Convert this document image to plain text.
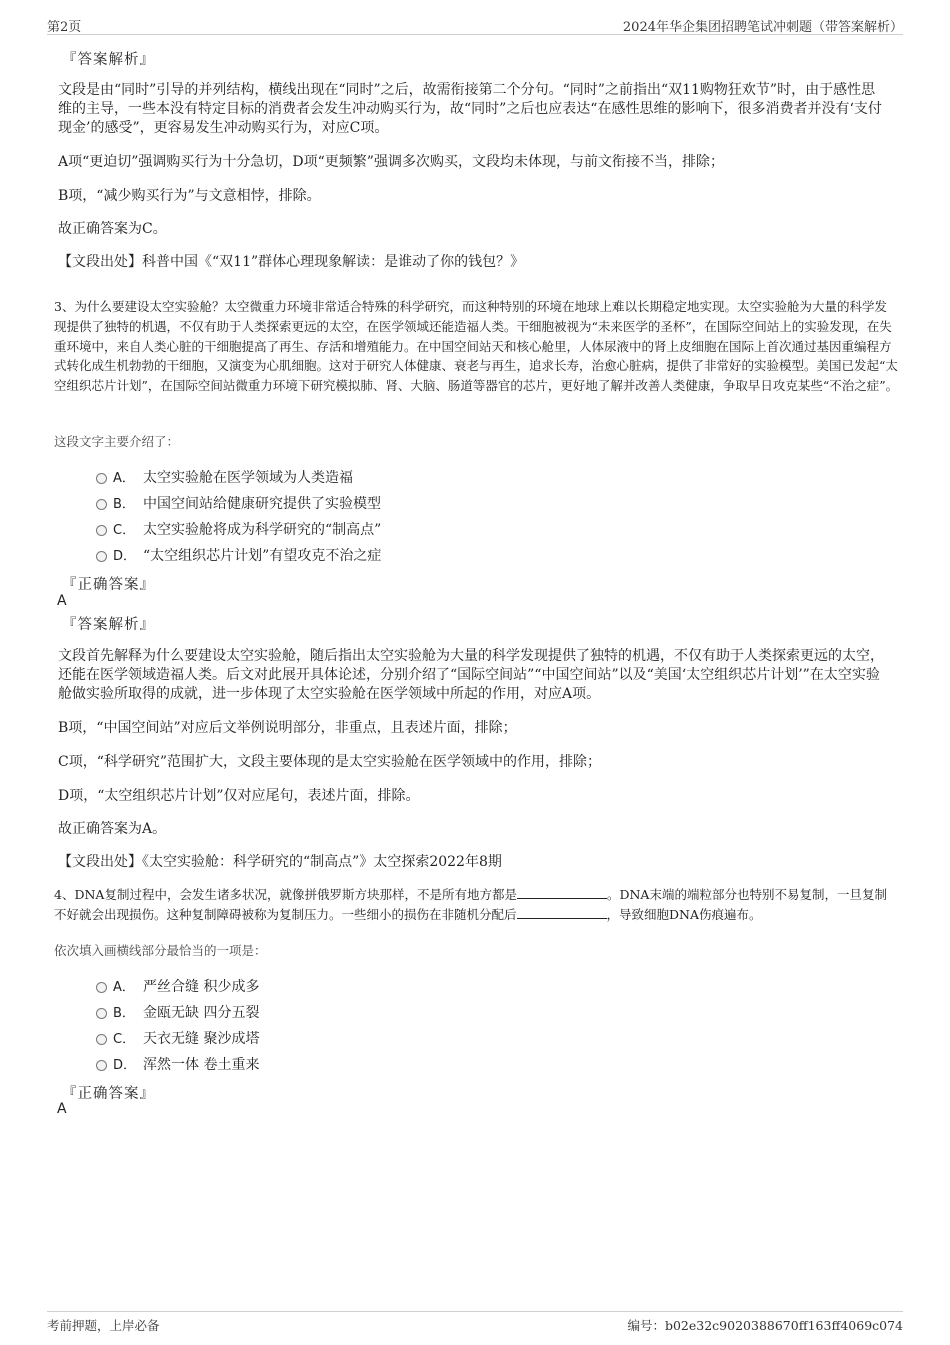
第2页	2024年华企集团招聘笔试冲刺题（带答案解析）
『答案解析』
文段是由“同时”引导的并列结构，横线出现在“同时”之后，故需衔接第二个分句。“同时”之前指出“双11购物狂欢节”时，由于感性思维的主导，一些本没有特定目标的消费者会发生冲动购买行为，故“同时”之后也应表达“在感性思维的影响下，很多消费者并没有‘支付现金’的感受”，更容易发生冲动购买行为，对应C项。
A项“更迫切”强调购买行为十分急切，D项“更频繁”强调多次购买，文段均未体现，与前文衔接不当，排除；
B项，“减少购买行为”与文意相悖，排除。
故正确答案为C。
【文段出处】科普中国《“双11”群体心理现象解读：是谁动了你的钱包？》
3、为什么要建设太空实验舱？太空微重力环境非常适合特殊的科学研究，而这种特别的环境在地球上难以长期稳定地实现。太空实验舱为大量的科学发现提供了独特的机遇，不仅有助于人类探索更远的太空，在医学领域还能造福人类。干细胞被视为“未来医学的圣杯”，在国际空间站上的实验发现，在失重环境中，来自人类心脏的干细胞提高了再生、存活和增殖能力。在中国空间站天和核心舱里，人体尿液中的肾上皮细胞在国际上首次通过基因重编程方式转化成生机勃勃的干细胞，又演变为心肌细胞。这对于研究人体健康、衰老与再生，追求长寿，治愈心脏病，提供了非常好的实验模型。美国已发起“太空组织芯片计划”，在国际空间站微重力环境下研究模拟肺、肾、大脑、肠道等器官的芯片，更好地了解并改善人类健康，争取早日攻克某些“不治之症”。
这段文字主要介绍了：
A． 太空实验舱在医学领域为人类造福
B． 中国空间站给健康研究提供了实验模型
C． 太空实验舱将成为科学研究的“制高点”
D． “太空组织芯片计划”有望攻克不治之症
『正确答案』
A
『答案解析』
文段首先解释为什么要建设太空实验舱，随后指出太空实验舱为大量的科学发现提供了独特的机遇，不仅有助于人类探索更远的太空，还能在医学领域造福人类。后文对此展开具体论述，分别介绍了“国际空间站”“中国空间站”以及“美国‘太空组织芯片计划’”在太空实验舱做实验所取得的成就，进一步体现了太空实验舱在医学领域中所起的作用，对应A项。
B项，“中国空间站”对应后文举例说明部分，非重点，且表述片面，排除；
C项，“科学研究”范围扩大，文段主要体现的是太空实验舱在医学领域中的作用，排除；
D项，“太空组织芯片计划”仅对应尾句，表述片面，排除。
故正确答案为A。
【文段出处】《太空实验舱：科学研究的“制高点”》太空探索2022年8期
4、DNA复制过程中，会发生诸多状况，就像拼俄罗斯方块那样，不是所有地方都是	。DNA末端的端粒部分也特别不易复制，一旦复制不好就会出现损伤。这种复制障碍被称为复制压力。一些细小的损伤在非随机分配后	，导致细胞DNA伤痕遍布。
依次填入画横线部分最恰当的一项是：
A． 严丝合缝 积少成多
B． 金瓯无缺 四分五裂
C． 天衣无缝 聚沙成塔
D． 浑然一体 卷土重来
『正确答案』
A
考前押题，上岸必备	编号：b02e32c9020388670ff163ff4069c074
